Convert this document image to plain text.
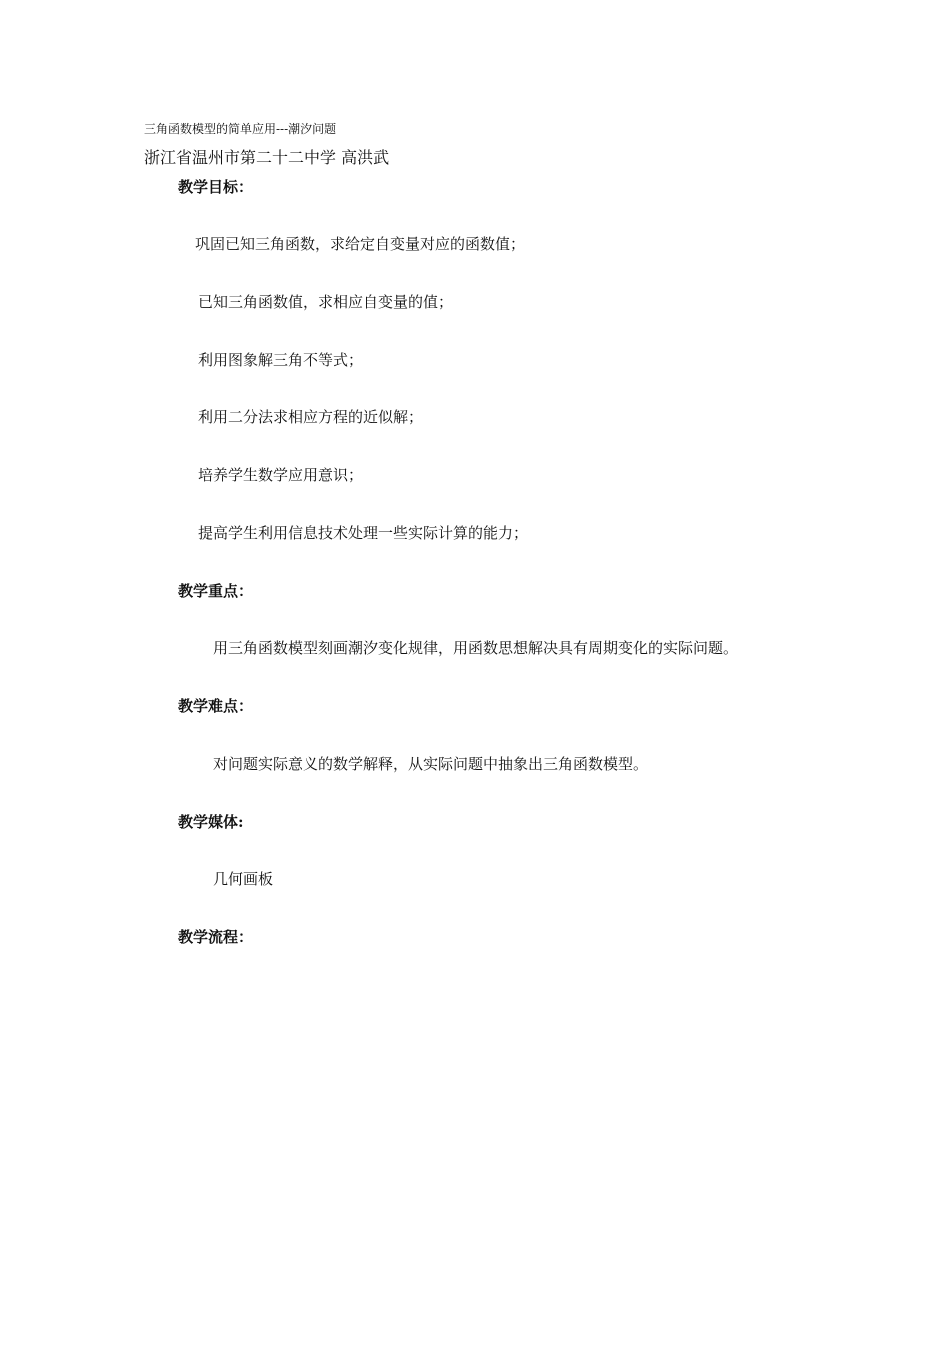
三角函数模型的简单应用---潮汐问题
浙江省温州市第二十二中学 高洪武
教学目标：
巩固已知三角函数，求给定自变量对应的函数值；
已知三角函数值，求相应自变量的值；
利用图象解三角不等式；
利用二分法求相应方程的近似解；
培养学生数学应用意识；
提高学生利用信息技术处理一些实际计算的能力；
教学重点：
用三角函数模型刻画潮汐变化规律，用函数思想解决具有周期变化的实际问题。
教学难点：
对问题实际意义的数学解释，从实际问题中抽象出三角函数模型。
教学媒体:
几何画板
教学流程：
